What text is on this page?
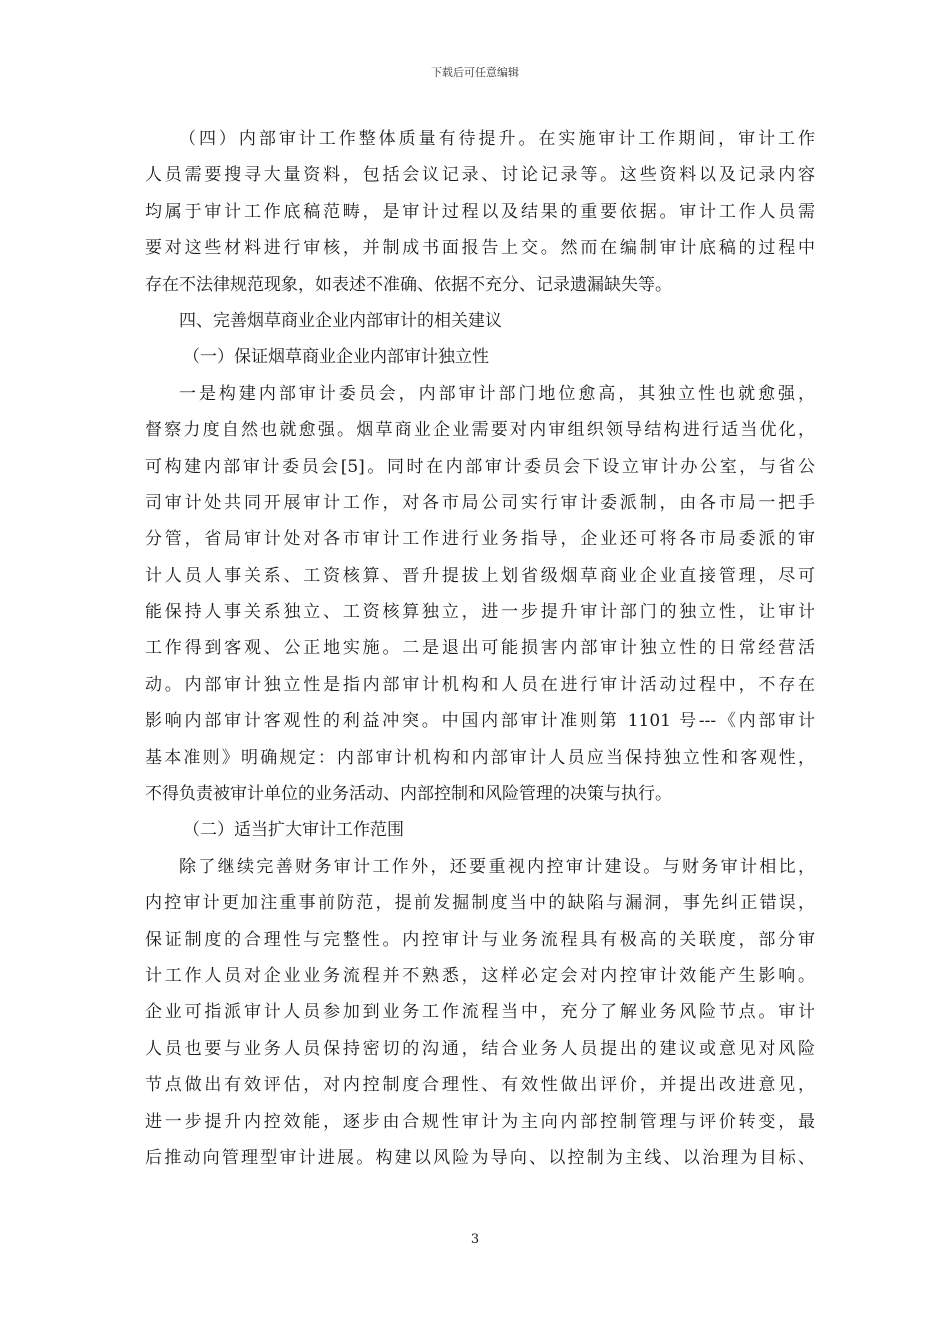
下载后可任意编辑
（四）内部审计工作整体质量有待提升。在实施审计工作期间，审计工作
人员需要搜寻大量资料，包括会议记录、讨论记录等。这些资料以及记录内容
均属于审计工作底稿范畴，是审计过程以及结果的重要依据。审计工作人员需
要对这些材料进行审核，并制成书面报告上交。然而在编制审计底稿的过程中
存在不法律规范现象，如表述不准确、依据不充分、记录遗漏缺失等。
四、完善烟草商业企业内部审计的相关建议
（一）保证烟草商业企业内部审计独立性
一是构建内部审计委员会，内部审计部门地位愈高，其独立性也就愈强，
督察力度自然也就愈强。烟草商业企业需要对内审组织领导结构进行适当优化，
可构建内部审计委员会[5]。同时在内部审计委员会下设立审计办公室，与省公
司审计处共同开展审计工作，对各市局公司实行审计委派制，由各市局一把手
分管，省局审计处对各市审计工作进行业务指导，企业还可将各市局委派的审
计人员人事关系、工资核算、晋升提拔上划省级烟草商业企业直接管理，尽可
能保持人事关系独立、工资核算独立，进一步提升审计部门的独立性，让审计
工作得到客观、公正地实施。二是退出可能损害内部审计独立性的日常经营活
动。内部审计独立性是指内部审计机构和人员在进行审计活动过程中，不存在
影响内部审计客观性的利益冲突。中国内部审计准则第 1101 号---《内部审计
基本准则》明确规定：内部审计机构和内部审计人员应当保持独立性和客观性，
不得负责被审计单位的业务活动、内部控制和风险管理的决策与执行。
（二）适当扩大审计工作范围
除了继续完善财务审计工作外，还要重视内控审计建设。与财务审计相比，
内控审计更加注重事前防范，提前发掘制度当中的缺陷与漏洞，事先纠正错误，
保证制度的合理性与完整性。内控审计与业务流程具有极高的关联度，部分审
计工作人员对企业业务流程并不熟悉，这样必定会对内控审计效能产生影响。
企业可指派审计人员参加到业务工作流程当中，充分了解业务风险节点。审计
人员也要与业务人员保持密切的沟通，结合业务人员提出的建议或意见对风险
节点做出有效评估，对内控制度合理性、有效性做出评价，并提出改进意见，
进一步提升内控效能，逐步由合规性审计为主向内部控制管理与评价转变，最
后推动向管理型审计进展。构建以风险为导向、以控制为主线、以治理为目标、
3
